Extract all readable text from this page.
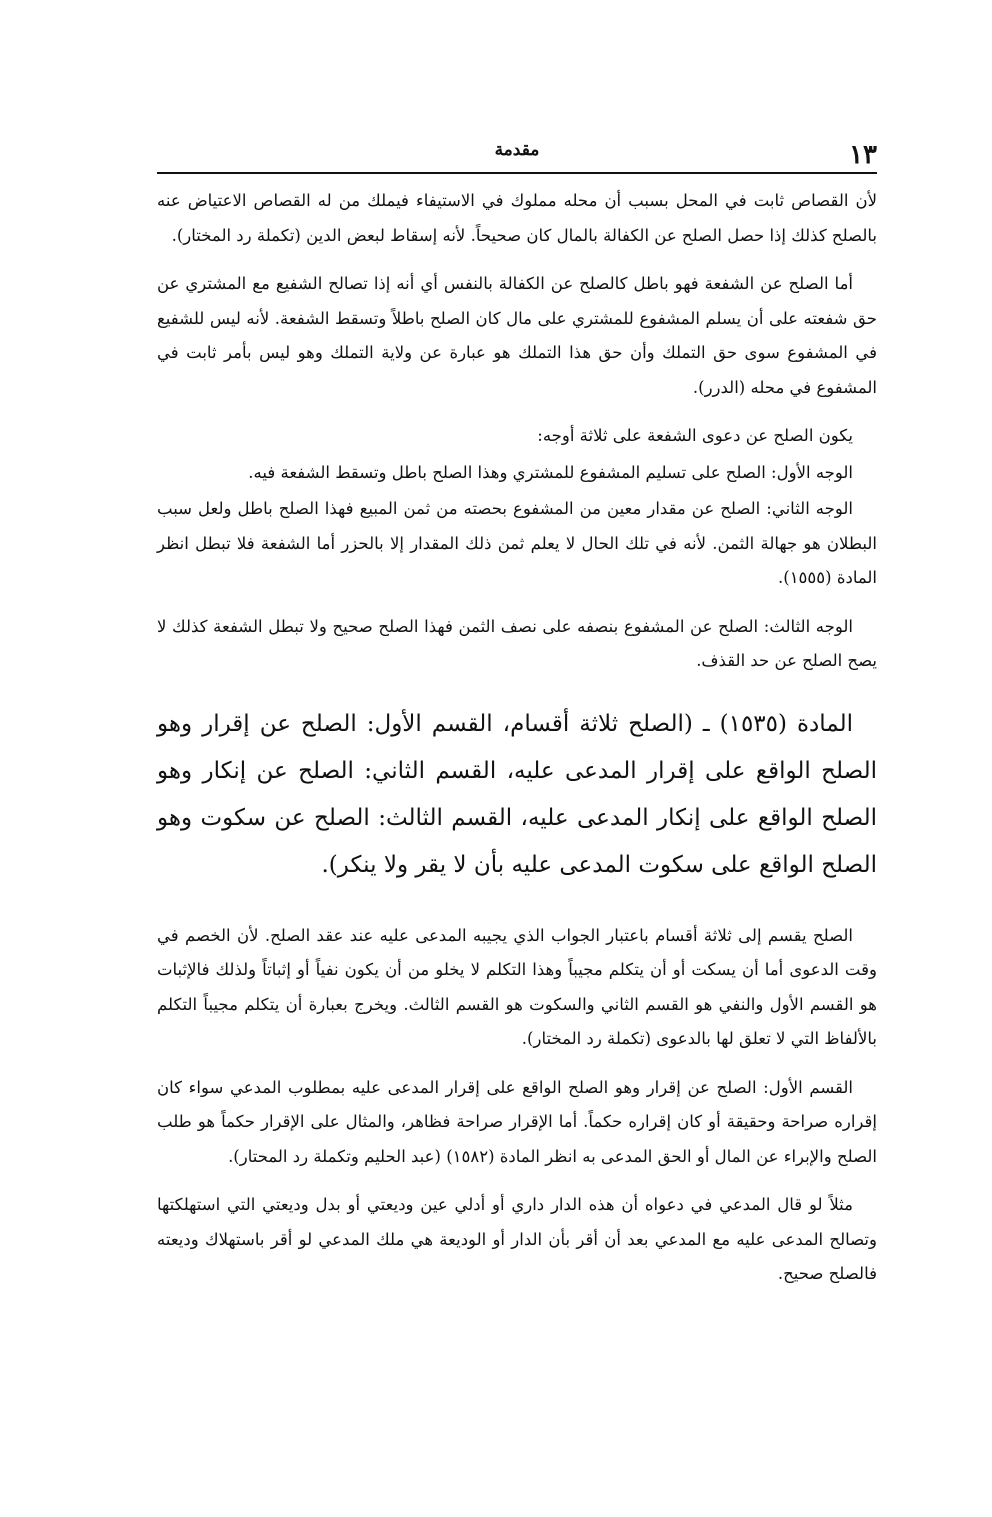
١٣
مقدمة

لأن القصاص ثابت في المحل بسبب أن محله مملوك في الاستيفاء فيملك من له القصاص الاعتياض عنه بالصلح كذلك إذا حصل الصلح عن الكفالة بالمال كان صحيحاً. لأنه إسقاط لبعض الدين (تكملة رد المختار).

أما الصلح عن الشفعة فهو باطل كالصلح عن الكفالة بالنفس أي أنه إذا تصالح الشفيع مع المشتري عن حق شفعته على أن يسلم المشفوع للمشتري على مال كان الصلح باطلاً وتسقط الشفعة. لأنه ليس للشفيع في المشفوع سوى حق التملك وأن حق هذا التملك هو عبارة عن ولاية التملك وهو ليس بأمر ثابت في المشفوع في محله (الدرر).

يكون الصلح عن دعوى الشفعة على ثلاثة أوجه:

الوجه الأول: الصلح على تسليم المشفوع للمشتري وهذا الصلح باطل وتسقط الشفعة فيه.

الوجه الثاني: الصلح عن مقدار معين من المشفوع بحصته من ثمن المبيع فهذا الصلح باطل ولعل سبب البطلان هو جهالة الثمن. لأنه في تلك الحال لا يعلم ثمن ذلك المقدار إلا بالحزر أما الشفعة فلا تبطل انظر المادة (١٥٥٥).

الوجه الثالث: الصلح عن المشفوع بنصفه على نصف الثمن فهذا الصلح صحيح ولا تبطل الشفعة كذلك لا يصح الصلح عن حد القذف.

المادة (١٥٣٥) ـ (الصلح ثلاثة أقسام، القسم الأول: الصلح عن إقرار وهو الصلح الواقع على إقرار المدعى عليه، القسم الثاني: الصلح عن إنكار وهو الصلح الواقع على إنكار المدعى عليه، القسم الثالث: الصلح عن سكوت وهو الصلح الواقع على سكوت المدعى عليه بأن لا يقر ولا ينكر).

الصلح يقسم إلى ثلاثة أقسام باعتبار الجواب الذي يجيبه المدعى عليه عند عقد الصلح. لأن الخصم في وقت الدعوى أما أن يسكت أو أن يتكلم مجيباً وهذا التكلم لا يخلو من أن يكون نفياً أو إثباتاً ولذلك فالإثبات هو القسم الأول والنفي هو القسم الثاني والسكوت هو القسم الثالث. ويخرج بعبارة أن يتكلم مجيباً التكلم بالألفاظ التي لا تعلق لها بالدعوى (تكملة رد المختار).

القسم الأول: الصلح عن إقرار وهو الصلح الواقع على إقرار المدعى عليه بمطلوب المدعي سواء كان إقراره صراحة وحقيقة أو كان إقراره حكماً. أما الإقرار صراحة فظاهر، والمثال على الإقرار حكماً هو طلب الصلح والإبراء عن المال أو الحق المدعى به انظر المادة (١٥٨٢) (عبد الحليم وتكملة رد المحتار).

مثلاً لو قال المدعي في دعواه أن هذه الدار داري أو أدلي عين وديعتي أو بدل وديعتي التي استهلكتها وتصالح المدعى عليه مع المدعي بعد أن أقر بأن الدار أو الوديعة هي ملك المدعي لو أقر باستهلاك وديعته فالصلح صحيح.
